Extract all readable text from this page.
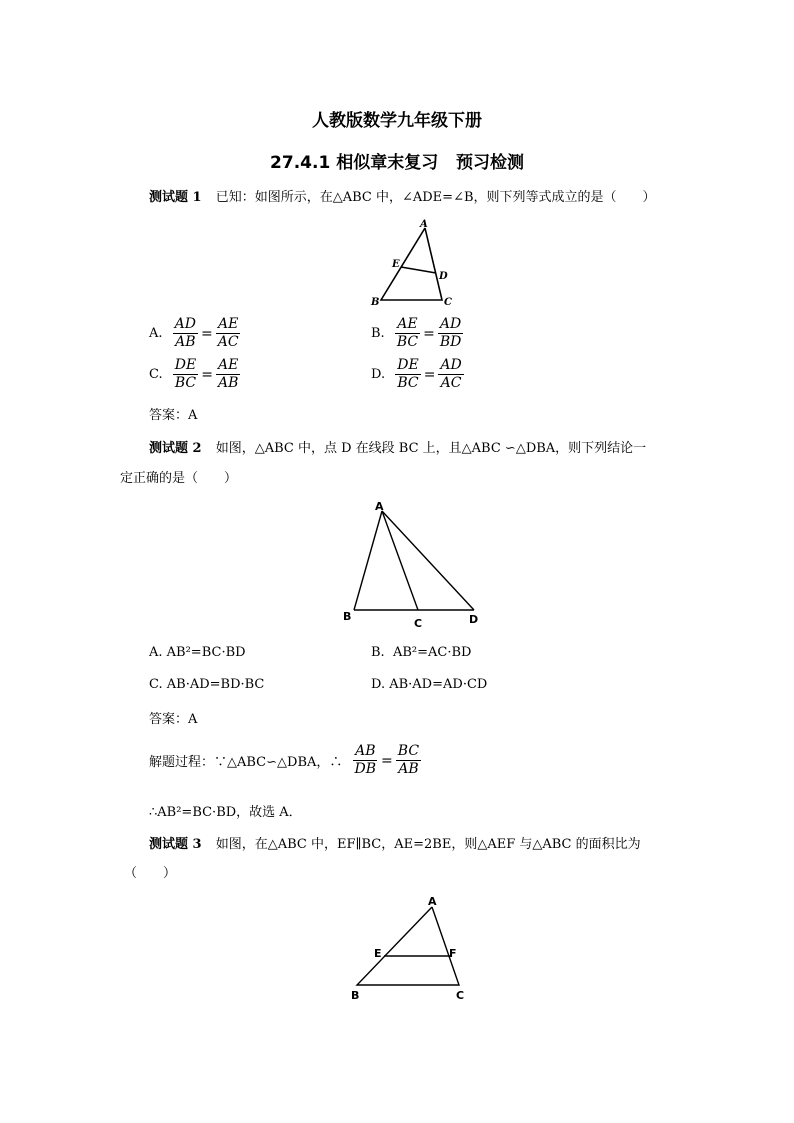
人教版数学九年级下册
27.4.1 相似章末复习   预习检测
测试题 1 已知：如图所示，在△ABC 中，∠ADE=∠B，则下列等式成立的是（　　）
A
E
D
B	C
A. $\frac{AD}{AB} = \frac{AE}{AC}$	B. $\frac{AE}{BC} = \frac{AD}{BD}$
C. $\frac{DE}{BC} = \frac{AE}{AB}$	D. $\frac{DE}{BC} = \frac{AD}{AC}$
答案：A
测试题 2 如图，△ABC 中，点 D 在线段 BC 上，且△ABC ∽△DBA，则下列结论一
定正确的是（　　）
A
B
C	D
A. AB²=BC·BD	B.  AB²=AC·BD
C. AB·AD=BD·BC	D. AB·AD=AD·CD
答案：A
解题过程：∵△ABC∽△DBA，∴ $\frac{AB}{DB} = \frac{BC}{AB}$
∴AB²=BC·BD，故选 A．
测试题 3 如图，在△ABC 中，EF∥BC，AE=2BE，则△AEF 与△ABC 的面积比为
（　　）
A
E	F
B	C
